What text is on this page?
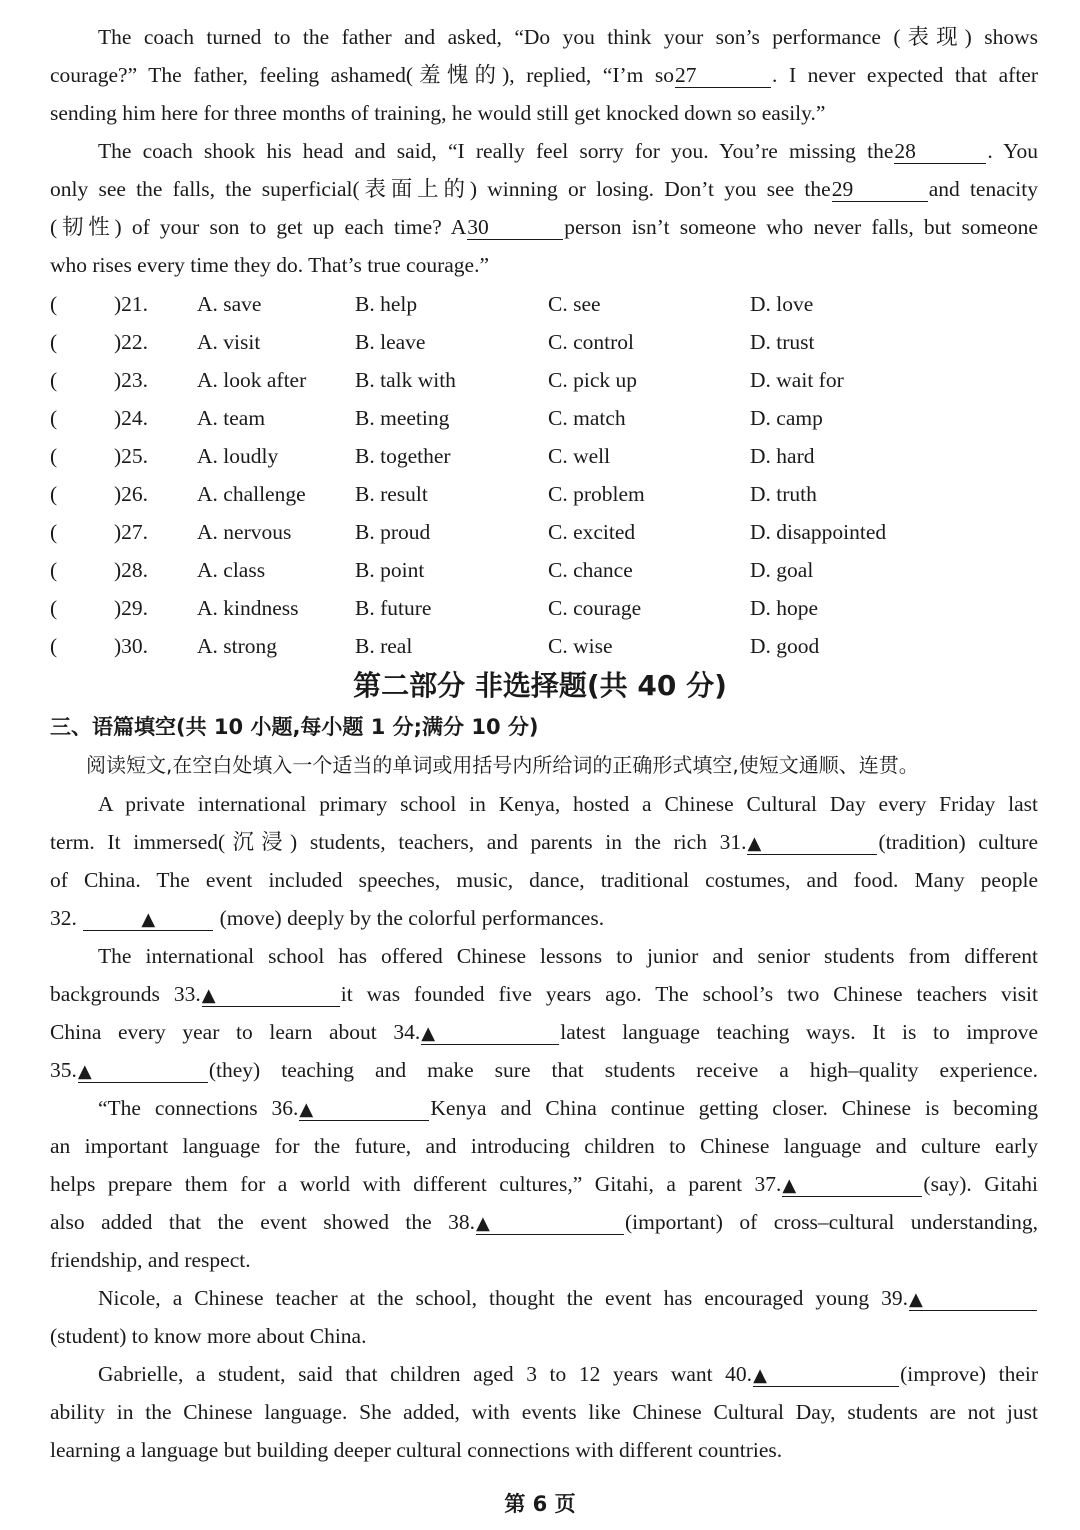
The coach turned to the father and asked, “Do you think your son’s performance (表现) shows
courage?” The father, feeling ashamed(羞愧的), replied, “I’m so27	. I never expected that after
sending him here for three months of training, he would still get knocked down so easily.”
The coach shook his head and said, “I really feel sorry for you. You’re missing the28	. You
only see the falls, the superficial(表面上的) winning or losing. Don’t you see the29	and tenacity
(韧性) of your son to get up each time? A30	person isn’t someone who never falls, but someone
who rises every time they do. That’s true courage.”
(	)21. A. save	B. help	C. see	D. love
(	)22. A. visit	B. leave	C. control	D. trust
(	)23. A. look after B. talk with	C. pick up	D. wait for
(	)24. A. team	B. meeting	C. match	D. camp
(	)25. A. loudly	B. together	C. well	D. hard
(	)26. A. challenge B. result	C. problem	D. truth
(	)27. A. nervous	B. proud	C. excited	D. disappointed
(	)28. A. class	B. point	C. chance	D. goal
(	)29. A. kindness	B. future	C. courage	D. hope
(	)30. A. strong	B. real	C. wise	D. good
第二部分 非选择题(共 40 分)
三、语篇填空(共 10 小题,每小题 1 分;满分 10 分)
阅读短文,在空白处填入一个适当的单词或用括号内所给词的正确形式填空,使短文通顺、连贯。
A private international primary school in Kenya, hosted a Chinese Cultural Day every Friday last
term. It immersed(沉浸) students, teachers, and parents in the rich 31.▲	(tradition) culture
of China. The event included speeches, music, dance, traditional costumes, and food. Many people
32.	▲	(move) deeply by the colorful performances.
The international school has offered Chinese lessons to junior and senior students from different
backgrounds 33.▲	it was founded five years ago. The school’s two Chinese teachers visit
China every year to learn about 34.▲	latest language teaching ways. It is to improve
35.▲	(they) teaching and make sure that students receive a high–quality experience.
“The connections 36.▲	Kenya and China continue getting closer. Chinese is becoming
an important language for the future, and introducing children to Chinese language and culture early
helps prepare them for a world with different cultures,” Gitahi, a parent 37.▲	(say). Gitahi
also added that the event showed the 38.▲	(important) of cross–cultural understanding,
friendship, and respect.
Nicole, a Chinese teacher at the school, thought the event has encouraged young 39.▲
(student) to know more about China.
Gabrielle, a student, said that children aged 3 to 12 years want 40.▲	(improve) their
ability in the Chinese language. She added, with events like Chinese Cultural Day, students are not just
learning a language but building deeper cultural connections with different countries.
第 6 页
